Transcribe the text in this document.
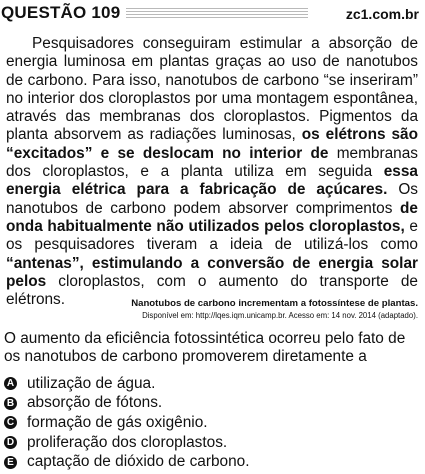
QUESTÃO 109	zc1.com.br

Pesquisadores conseguiram estimular a absorção de energia luminosa em plantas graças ao uso de nanotubos de carbono. Para isso, nanotubos de carbono “se inseriram” no interior dos cloroplastos por uma montagem espontânea, através das membranas dos cloroplastos. Pigmentos da planta absorvem as radiações luminosas, os elétrons são “excitados” e se deslocam no interior de membranas dos cloroplastos, e a planta utiliza em seguida essa energia elétrica para a fabricação de açúcares. Os nanotubos de carbono podem absorver comprimentos de onda habitualmente não utilizados pelos cloroplastos, e os pesquisadores tiveram a ideia de utilizá-los como “antenas”, estimulando a conversão de energia solar pelos cloroplastos, com o aumento do transporte de elétrons.	Nanotubos de carbono incrementam a fotossíntese de plantas.
Disponível em: http://lqes.iqm.unicamp.br. Acesso em: 14 nov. 2014 (adaptado).
O aumento da eficiência fotossintética ocorreu pelo fato de os nanotubos de carbono promoverem diretamente a
A utilização de água.
B absorção de fótons.
C formação de gás oxigênio.
D proliferação dos cloroplastos.
E captação de dióxido de carbono.
